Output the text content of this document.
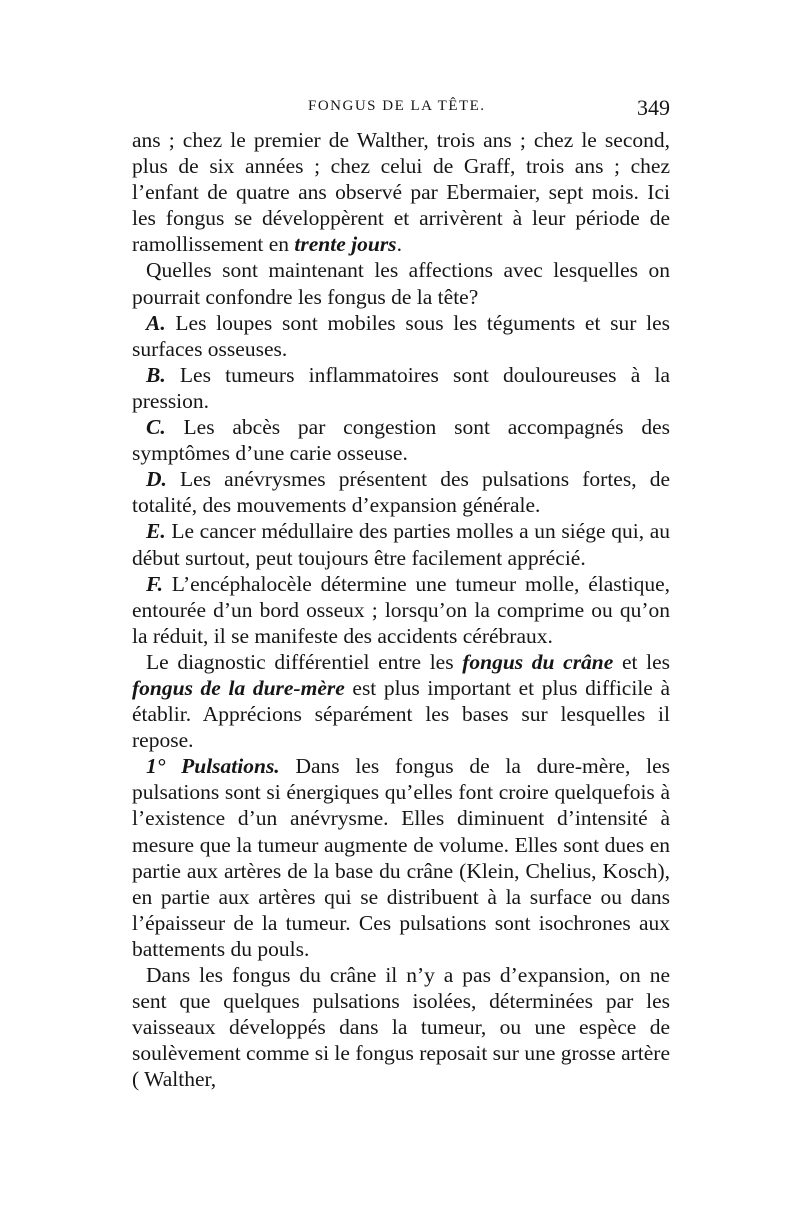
FONGUS DE LA TÊTE.	349

ans ; chez le premier de Walther, trois ans ; chez le second, plus de six années ; chez celui de Graff, trois ans ; chez l’enfant de quatre ans observé par Ebermaier, sept mois. Ici les fongus se développèrent et arrivèrent à leur période de ramollissement en trente jours.

Quelles sont maintenant les affections avec lesquelles on pourrait confondre les fongus de la tête?

A. Les loupes sont mobiles sous les téguments et sur les surfaces osseuses.

B. Les tumeurs inflammatoires sont douloureuses à la pression.

C. Les abcès par congestion sont accompagnés des symptômes d’une carie osseuse.

D. Les anévrysmes présentent des pulsations fortes, de totalité, des mouvements d’expansion générale.

E. Le cancer médullaire des parties molles a un siége qui, au début surtout, peut toujours être facilement apprécié.

F. L’encéphalocèle détermine une tumeur molle, élastique, entourée d’un bord osseux ; lorsqu’on la comprime ou qu’on la réduit, il se manifeste des accidents cérébraux.

Le diagnostic différentiel entre les fongus du crâne et les fongus de la dure-mère est plus important et plus difficile à établir. Apprécions séparément les bases sur lesquelles il repose.

1° Pulsations. Dans les fongus de la dure-mère, les pulsations sont si énergiques qu’elles font croire quelquefois à l’existence d’un anévrysme. Elles diminuent d’intensité à mesure que la tumeur augmente de volume. Elles sont dues en partie aux artères de la base du crâne (Klein, Chelius, Kosch), en partie aux artères qui se distribuent à la surface ou dans l’épaisseur de la tumeur. Ces pulsations sont isochrones aux battements du pouls.

Dans les fongus du crâne il n’y a pas d’expansion, on ne sent que quelques pulsations isolées, déterminées par les vaisseaux développés dans la tumeur, ou une espèce de soulèvement comme si le fongus reposait sur une grosse artère ( Walther,
